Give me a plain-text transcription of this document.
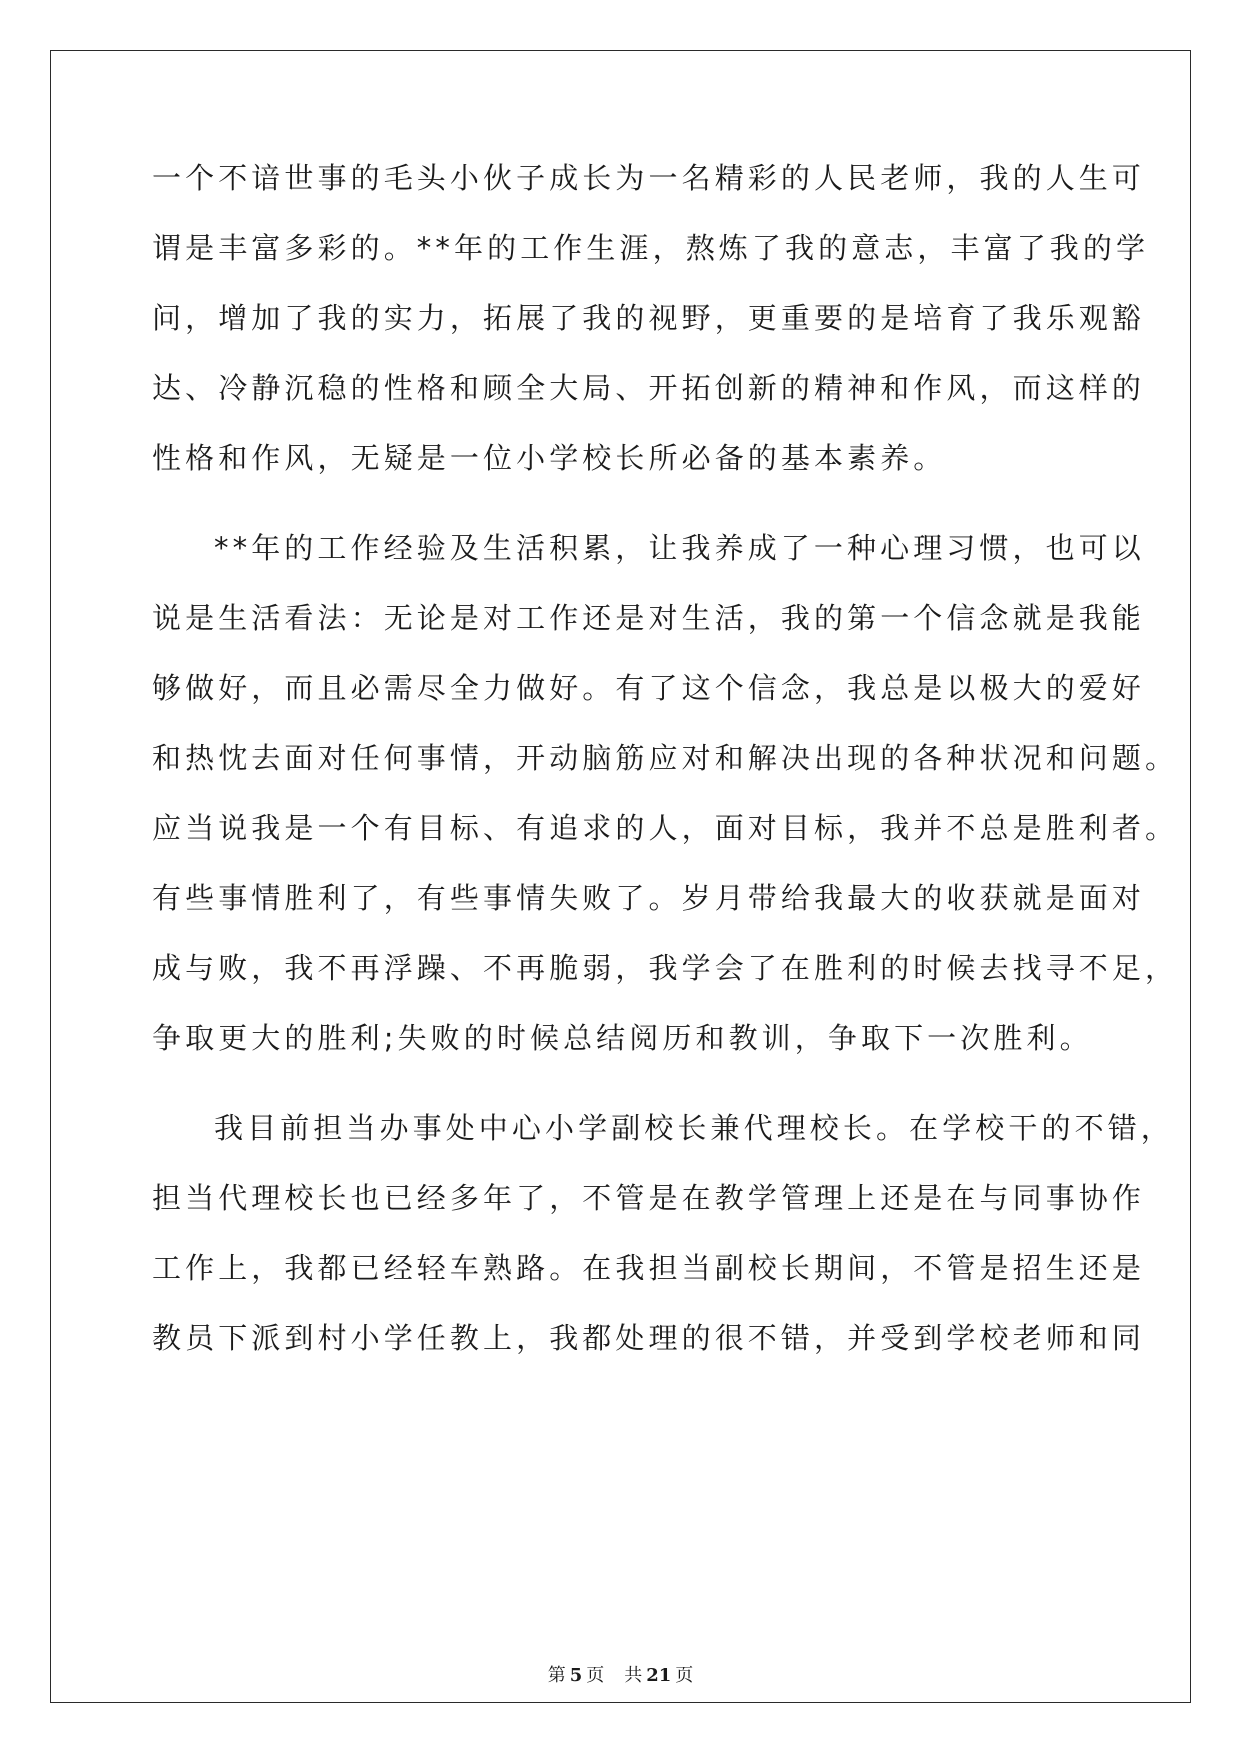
一个不谙世事的毛头小伙子成长为一名精彩的人民老师，我的人生可
谓是丰富多彩的。**年的工作生涯，熬炼了我的意志，丰富了我的学
问，增加了我的实力，拓展了我的视野，更重要的是培育了我乐观豁
达、冷静沉稳的性格和顾全大局、开拓创新的精神和作风，而这样的
性格和作风，无疑是一位小学校长所必备的基本素养。
**年的工作经验及生活积累，让我养成了一种心理习惯，也可以
说是生活看法：无论是对工作还是对生活，我的第一个信念就是我能
够做好，而且必需尽全力做好。有了这个信念，我总是以极大的爱好
和热忱去面对任何事情，开动脑筋应对和解决出现的各种状况和问题。
应当说我是一个有目标、有追求的人，面对目标，我并不总是胜利者。
有些事情胜利了，有些事情失败了。岁月带给我最大的收获就是面对
成与败，我不再浮躁、不再脆弱，我学会了在胜利的时候去找寻不足，
争取更大的胜利;失败的时候总结阅历和教训，争取下一次胜利。
我目前担当办事处中心小学副校长兼代理校长。在学校干的不错，
担当代理校长也已经多年了，不管是在教学管理上还是在与同事协作
工作上，我都已经轻车熟路。在我担当副校长期间，不管是招生还是
教员下派到村小学任教上，我都处理的很不错，并受到学校老师和同
第 5 页 共 21 页
